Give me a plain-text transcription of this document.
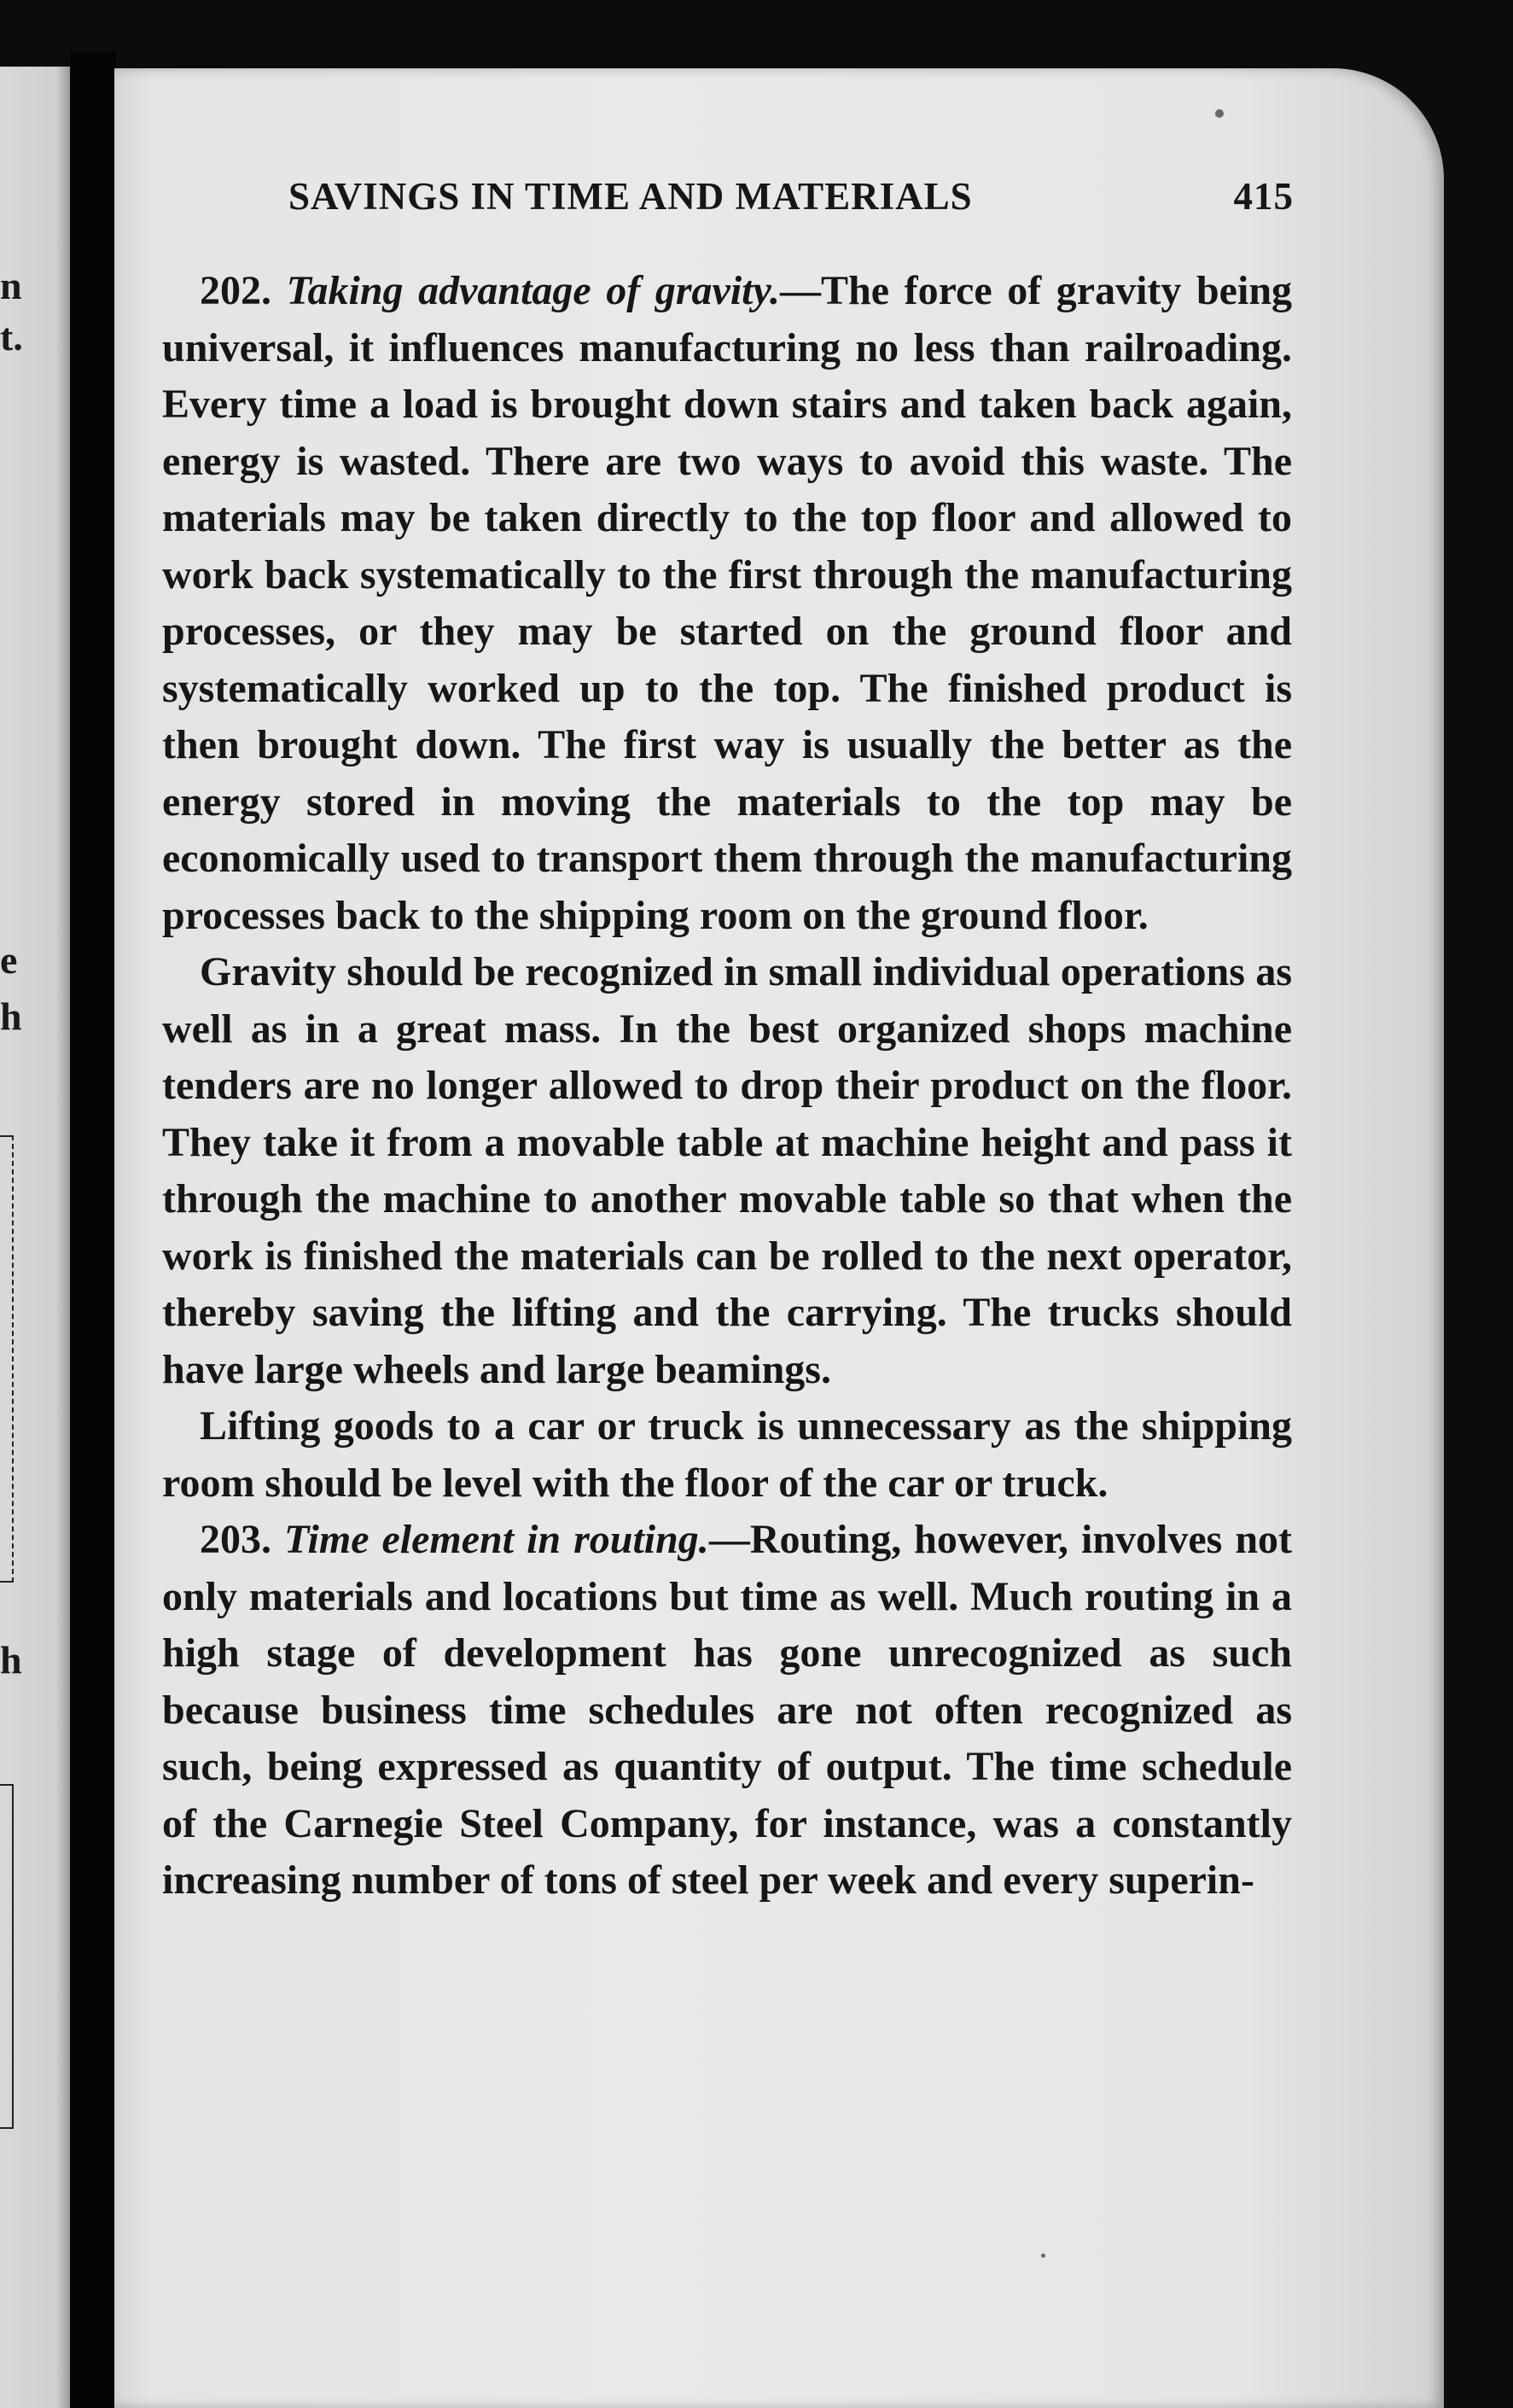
n
t.
e
h
h
SAVINGS IN TIME AND MATERIALS	415

202. Taking advantage of gravity.—The force of gravity being universal, it influences manufacturing no less than railroading. Every time a load is brought down stairs and taken back again, energy is wasted. There are two ways to avoid this waste. The materials may be taken directly to the top floor and allowed to work back systematically to the first through the manufacturing processes, or they may be started on the ground floor and systematically worked up to the top. The finished product is then brought down. The first way is usually the better as the energy stored in moving the materials to the top may be economically used to transport them through the manufacturing processes back to the shipping room on the ground floor.

Gravity should be recognized in small individual operations as well as in a great mass. In the best organized shops machine tenders are no longer allowed to drop their product on the floor. They take it from a movable table at machine height and pass it through the machine to another movable table so that when the work is finished the materials can be rolled to the next operator, thereby saving the lifting and the carrying. The trucks should have large wheels and large beamings.

Lifting goods to a car or truck is unnecessary as the shipping room should be level with the floor of the car or truck.

203. Time element in routing.—Routing, however, involves not only materials and locations but time as well. Much routing in a high stage of development has gone unrecognized as such because business time schedules are not often recognized as such, being expressed as quantity of output. The time schedule of the Carnegie Steel Company, for instance, was a constantly increasing number of tons of steel per week and every superin-
